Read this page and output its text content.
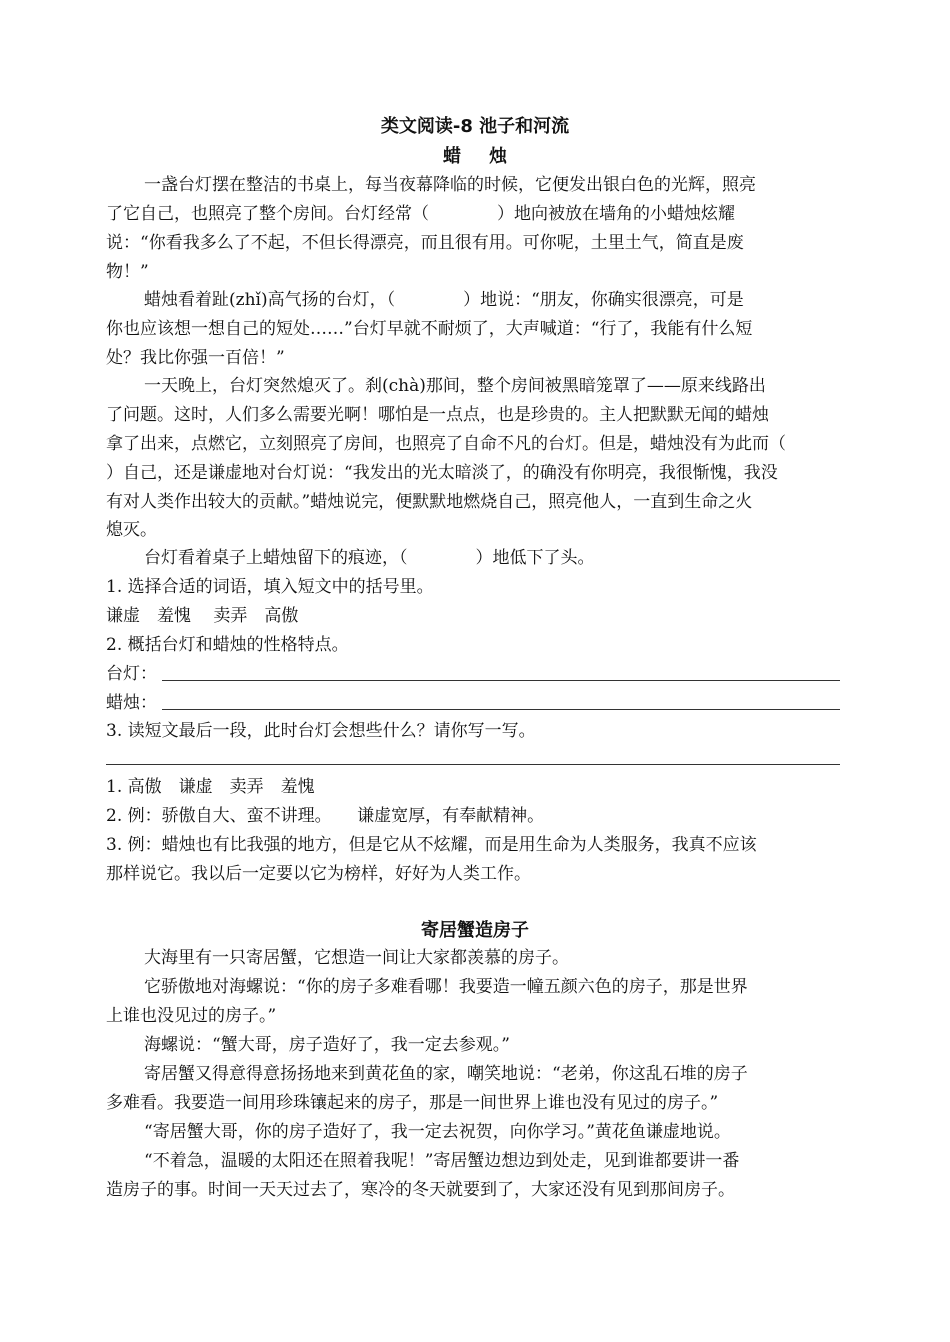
类文阅读-8 池子和河流
蜡烛
一盏台灯摆在整洁的书桌上，每当夜幕降临的时候，它便发出银白色的光辉，照亮
了它自己，也照亮了整个房间。台灯经常（　　　　）地向被放在墙角的小蜡烛炫耀
说：“你看我多么了不起，不但长得漂亮，而且很有用。可你呢，土里土气，简直是废
物！”
蜡烛看着趾(zhǐ)高气扬的台灯，（　　　　）地说：“朋友，你确实很漂亮，可是
你也应该想一想自己的短处……”台灯早就不耐烦了，大声喊道：“行了，我能有什么短
处？我比你强一百倍！”
一天晚上，台灯突然熄灭了。刹(chà)那间，整个房间被黑暗笼罩了——原来线路出
了问题。这时，人们多么需要光啊！哪怕是一点点，也是珍贵的。主人把默默无闻的蜡烛
拿了出来，点燃它，立刻照亮了房间，也照亮了自命不凡的台灯。但是，蜡烛没有为此而（
）自己，还是谦虚地对台灯说：“我发出的光太暗淡了，的确没有你明亮，我很惭愧，我没
有对人类作出较大的贡献。”蜡烛说完，便默默地燃烧自己，照亮他人，一直到生命之火
熄灭。
台灯看着桌子上蜡烛留下的痕迹，（　　　　）地低下了头。
1. 选择合适的词语，填入短文中的括号里。
谦虚　羞愧　 卖弄　高傲
2. 概括台灯和蜡烛的性格特点。
台灯：
蜡烛：
3. 读短文最后一段，此时台灯会想些什么？请你写一写。
1. 高傲　谦虚　卖弄　羞愧
2. 例：骄傲自大、蛮不讲理。　　谦虚宽厚，有奉献精神。
3. 例：蜡烛也有比我强的地方，但是它从不炫耀，而是用生命为人类服务，我真不应该
那样说它。我以后一定要以它为榜样，好好为人类工作。
寄居蟹造房子
大海里有一只寄居蟹，它想造一间让大家都羡慕的房子。
它骄傲地对海螺说：“你的房子多难看哪！我要造一幢五颜六色的房子，那是世界
上谁也没见过的房子。”
海螺说：“蟹大哥，房子造好了，我一定去参观。”
寄居蟹又得意得意扬扬地来到黄花鱼的家，嘲笑地说：“老弟，你这乱石堆的房子
多难看。我要造一间用珍珠镶起来的房子，那是一间世界上谁也没有见过的房子。”
“寄居蟹大哥，你的房子造好了，我一定去祝贺，向你学习。”黄花鱼谦虚地说。
“不着急，温暖的太阳还在照着我呢！”寄居蟹边想边到处走，见到谁都要讲一番
造房子的事。时间一天天过去了，寒冷的冬天就要到了，大家还没有见到那间房子。
